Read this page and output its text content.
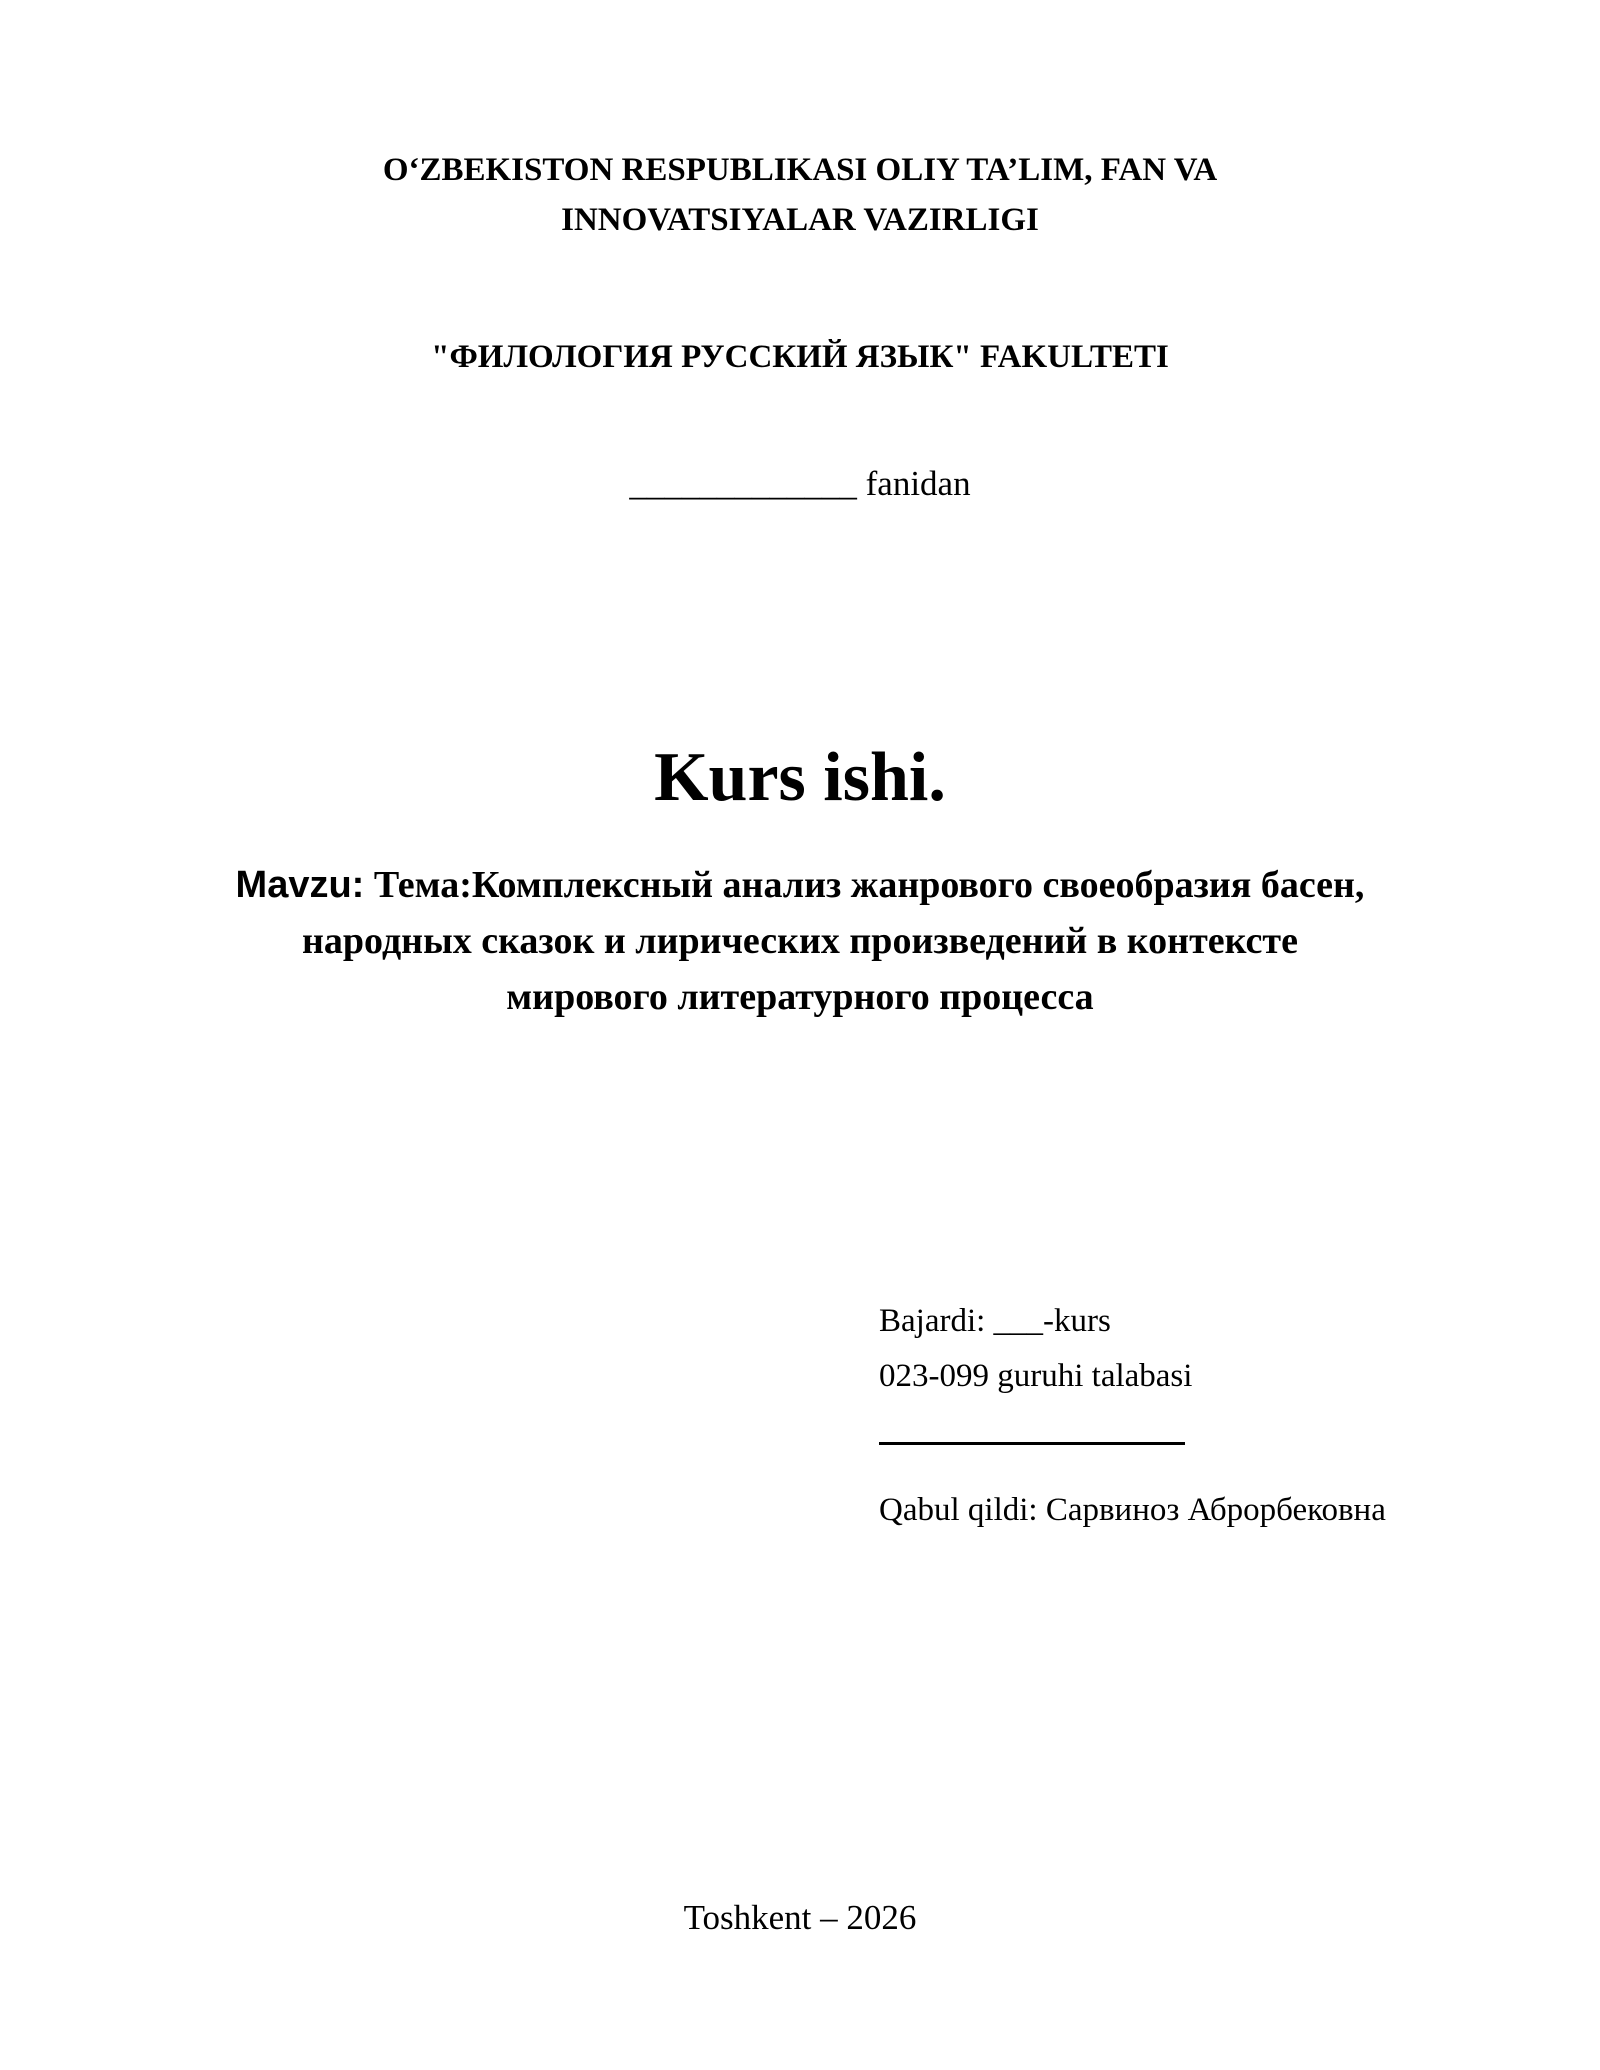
O‘ZBEKISTON RESPUBLIKASI OLIY TA’LIM, FAN VA
INNOVATSIYALAR VAZIRLIGI
"ФИЛОЛОГИЯ РУССКИЙ ЯЗЫК" FAKULTETI
_____________ fanidan
Kurs ishi.
Mavzu: Тема:Комплексный анализ жанрового своеобразия басен,
народных сказок и лирических произведений в контексте
мирового литературного процесса
Bajardi: ___-kurs
023-099 guruhi talabasi
Qabul qildi: Сарвиноз Аброрбековна
Toshkent – 2026
